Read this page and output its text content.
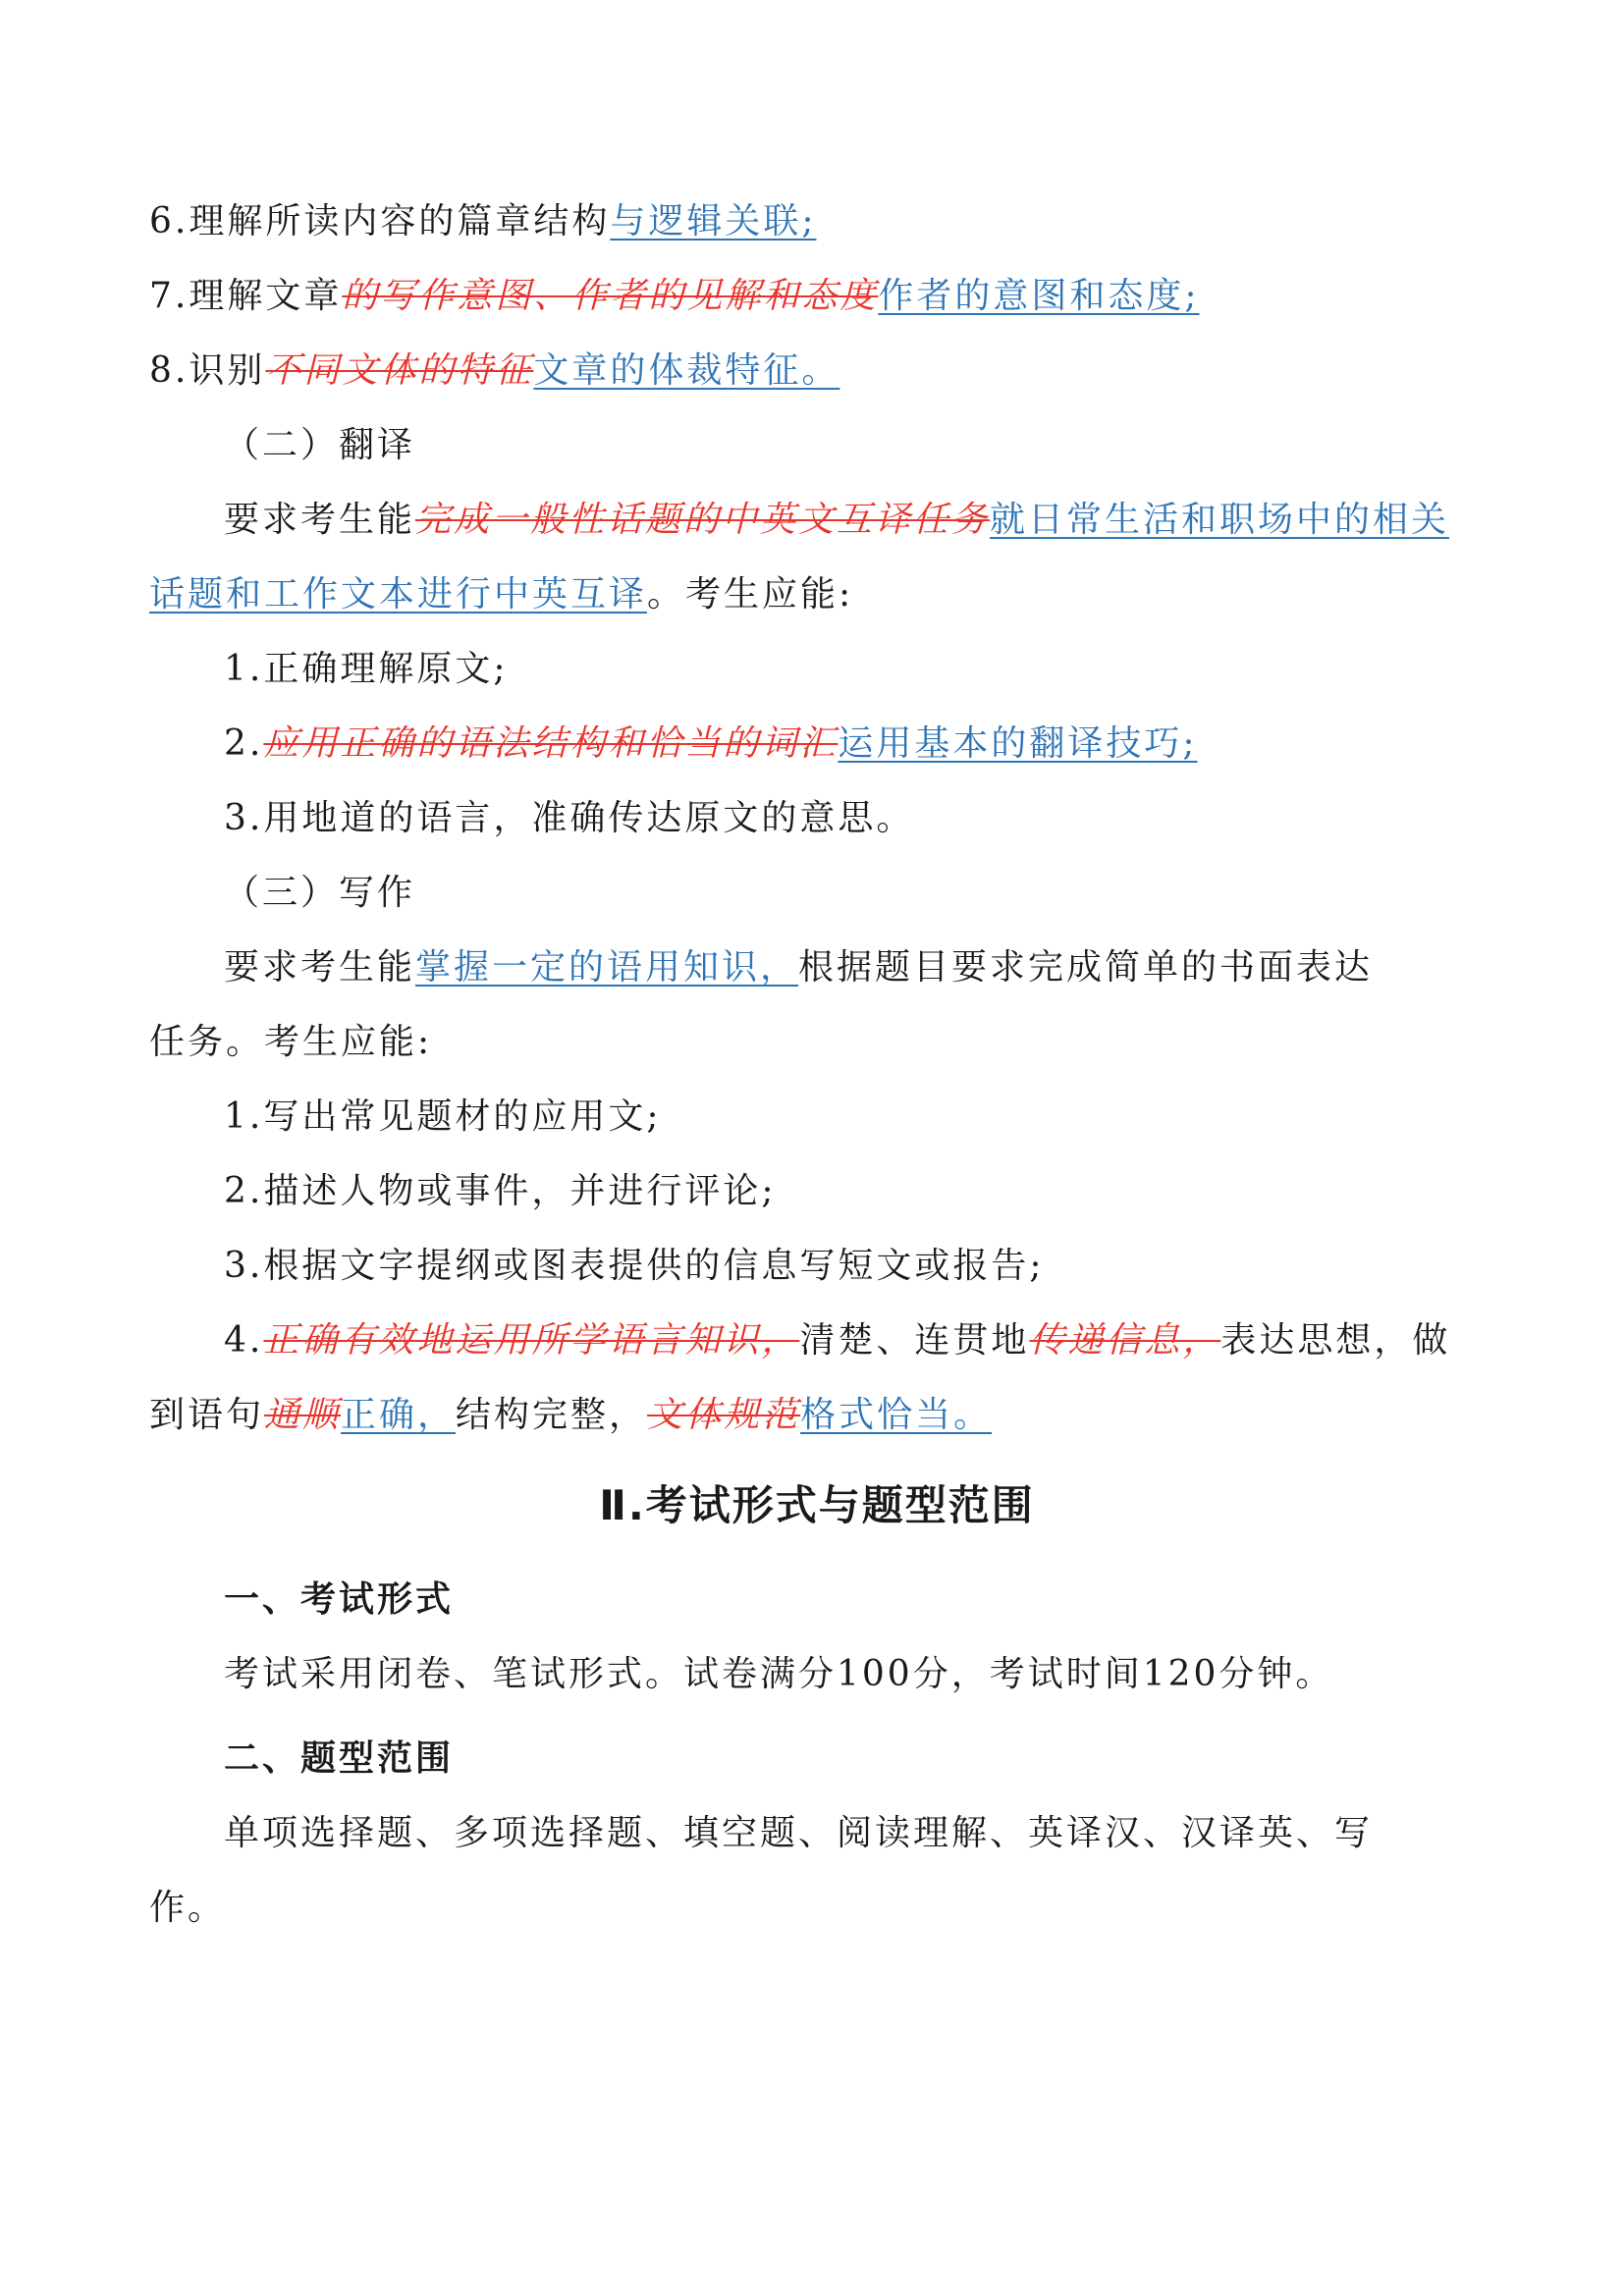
6.理解所读内容的篇章结构与逻辑关联;
7.理解文章的写作意图、作者的见解和态度作者的意图和态度;
8.识别不同文体的特征文章的体裁特征。
（二）翻译
要求考生能完成一般性话题的中英文互译任务就日常生活和职场中的相关
话题和工作文本进行中英互译。考生应能:
1.正确理解原文;
2.应用正确的语法结构和恰当的词汇运用基本的翻译技巧;
3.用地道的语言，准确传达原文的意思。
（三）写作
要求考生能掌握一定的语用知识，根据题目要求完成简单的书面表达
任务。考生应能:
1.写出常见题材的应用文;
2.描述人物或事件，并进行评论;
3.根据文字提纲或图表提供的信息写短文或报告;
4.正确有效地运用所学语言知识，清楚、连贯地传递信息，表达思想，做
到语句通顺正确，结构完整，文体规范格式恰当。
Ⅱ.考试形式与题型范围
一、考试形式
考试采用闭卷、笔试形式。试卷满分100分，考试时间120分钟。
二、题型范围
单项选择题、多项选择题、填空题、阅读理解、英译汉、汉译英、写
作。
